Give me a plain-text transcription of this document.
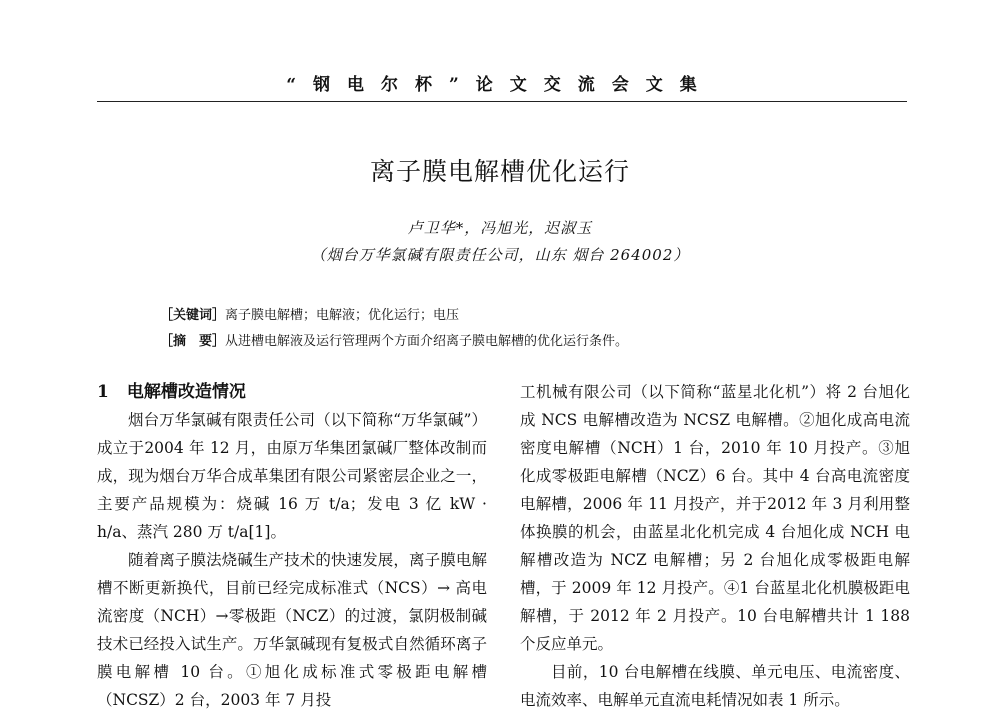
“钢电尔杯”论文交流会文集
离子膜电解槽优化运行
卢卫华*，冯旭光，迟淑玉
（烟台万华氯碱有限责任公司，山东 烟台 264002）
［关键词］离子膜电解槽；电解液；优化运行；电压
［摘　要］从进槽电解液及运行管理两个方面介绍离子膜电解槽的优化运行条件。

1 电解槽改造情况

烟台万华氯碱有限责任公司（以下简称“万华氯碱”）成立于2004 年 12 月，由原万华集团氯碱厂整体改制而成，现为烟台万华合成革集团有限公司紧密层企业之一，主要产品规模为：烧碱 16 万 t/a；发电 3 亿 kW · h/a、蒸汽 280 万 t/a[1]。

随着离子膜法烧碱生产技术的快速发展，离子膜电解槽不断更新换代，目前已经完成标准式（NCS）→ 高电流密度（NCH）→零极距（NCZ）的过渡，氯阴极制碱技术已经投入试生产。万华氯碱现有复极式自然循环离子膜电解槽 10 台。①旭化成标准式零极距电解槽（NCSZ）2 台，2003 年 7 月投

工机械有限公司（以下简称“蓝星北化机”）将 2 台旭化成 NCS 电解槽改造为 NCSZ 电解槽。②旭化成高电流密度电解槽（NCH）1 台，2010 年 10 月投产。③旭化成零极距电解槽（NCZ）6 台。其中 4 台高电流密度电解槽，2006 年 11 月投产，并于2012 年 3 月利用整体换膜的机会，由蓝星北化机完成 4 台旭化成 NCH 电解槽改造为 NCZ 电解槽；另 2 台旭化成零极距电解槽，于 2009 年 12 月投产。④1 台蓝星北化机膜极距电解槽，于 2012 年 2 月投产。10 台电解槽共计 1 188 个反应单元。

目前，10 台电解槽在线膜、单元电压、电流密度、电流效率、电解单元直流电耗情况如表 1 所示。
